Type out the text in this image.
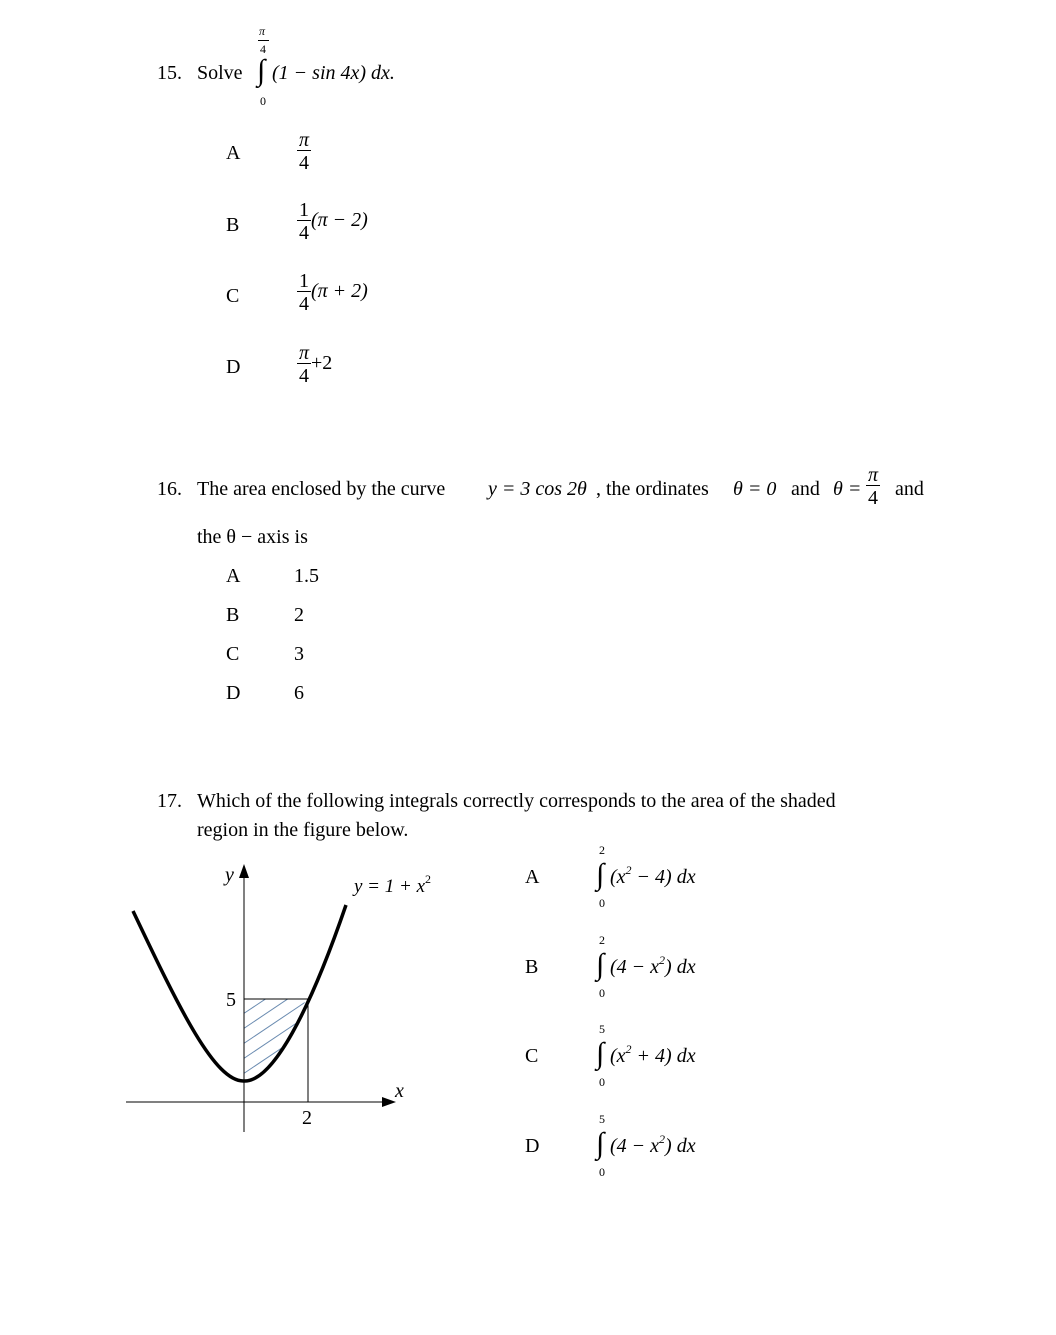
15. Solve
π
4
∫
0
(1 − sin 4x) dx.
A	$\frac{\pi}{4}$
B	$\frac{1}{4} (\pi - 2)$
C	$\frac{1}{4} (\pi + 2)$
D	$\frac{\pi}{4} +2$
16. The area enclosed by the curve y = 3 cos 2θ , the ordinates θ = 0 and $\theta = \frac{\pi}{4}$ and
the θ − axis is
A	1.5
B	2
C	3
D	6
17. Which of the following integrals correctly corresponds to the area of the shaded
region in the figure below.
y
x
$y = 1 + x^2$
5
2
A
2
∫
0
$(x^2 - 4)$ dx
B
2
∫
0
$(4 - x^2)$ dx
C
5
∫
0
$(x^2 + 4)$ dx
D
5
∫
0
$(4 - x^2)$ dx
